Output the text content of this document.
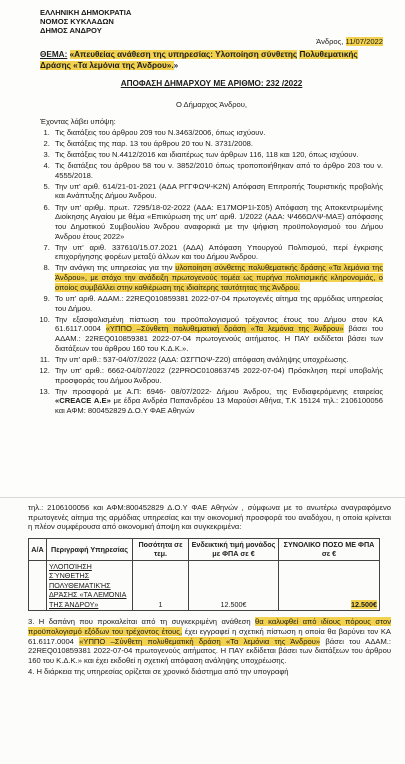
ΕΛΛΗΝΙΚΗ ΔΗΜΟΚΡΑΤΙΑ
ΝΟΜΟΣ ΚΥΚΛΑΔΩΝ
ΔΗΜΟΣ ΑΝΔΡΟΥ
Άνδρος, 11/07/2022
ΘΕΜΑ: «Απευθείας ανάθεση της υπηρεσίας: Υλοποίηση σύνθετης Πολυθεματικής Δράσης «Τα λεμόνια της Άνδρου».»
ΑΠΟΦΑΣΗ ΔΗΜΑΡΧΟΥ ΜΕ ΑΡΙΘΜΟ: 232 /2022
Ο Δήμαρχος Άνδρου,
Έχοντας λάβει υπόψη:
1. Τις διατάξεις του άρθρου 209 του Ν.3463/2006, όπως ισχύουν.
2. Τις διατάξεις της παρ. 13 του άρθρου 20 του Ν. 3731/2008.
3. Τις διατάξεις του Ν.4412/2016 και ιδιαιτέρως των άρθρων 116, 118 και 120, όπως ισχύουν.
4. Τις διατάξεις του άρθρου 58 του ν. 3852/2010 όπως τροποποιήθηκαν από το άρθρο 203 του ν. 4555/2018.
5. Την υπ' αριθ. 614/21-01-2021 (ΑΔΑ ΡΓΓΦΩΨ-Κ2Ν) Απόφαση Επιτροπής Τουριστικής προβολής και Ανάπτυξης Δήμου Άνδρου.
6. Την υπ' αριθμ. πρωτ. 7295/18-02-2022 (ΑΔΑ: Ε17ΜΟΡ1Ι-Σ05) Απόφαση της Αποκεντρωμένης Διοίκησης Αιγαίου με θέμα «Επικύρωση της υπ' αριθ. 1/2022 (ΑΔΑ: Ψ466ΩΛΨ-ΜΑΞ) απόφασης του Δημοτικού Συμβουλίου Άνδρου αναφορικά με την ψήφιση προϋπολογισμού του Δήμου Άνδρου έτους 2022»
7. Την υπ' αριθ. 337610/15.07.2021 (ΑΔΑ) Απόφαση Υπουργού Πολιτισμού, περί έγκρισης επιχορήγησης φορέων μεταξύ άλλων και του Δήμου Άνδρου.
8. Την ανάγκη της υπηρεσίας για την υλοποίηση σύνθετης πολυθεματικής δράσης «Τα λεμόνια της Άνδρου», με στόχο την ανάδειξη πρωτογενούς τομέα ως πυρήνα πολιτισμικής κληρονομιάς, ο οποίος συμβάλλει στην καθιέρωση της ιδιαίτερης ταυτότητας της Άνδρου.
9. Το υπ' αριθ. ΑΔΑΜ.: 22REQ010859381 2022-07-04 πρωτογενές αίτημα της αρμόδιας υπηρεσίας του Δήμου.
10. Την εξασφαλισμένη πίστωση του προϋπολογισμού τρέχοντος έτους του Δήμου στον ΚΑ 61.6117.0004 «ΥΠΠΟ –Σύνθετη πολυθεματική δράση «Τα λεμόνια της Άνδρου» βάσει του ΑΔΑΜ.: 22REQ010859381 2022-07-04 πρωτογενούς αιτήματος. Η ΠΑΥ εκδίδεται βάσει των διατάξεων του άρθρου 160 του Κ.Δ.Κ.».
11. Την υπ' αριθ.: 537-04/07/2022 (ΑΔΑ: ΩΣΓΠΩΨ-Ζ20) απόφαση ανάληψης υποχρέωσης.
12. Την υπ' αριθ.: 6662-04/07/2022 (22PROC010863745 2022-07-04) Πρόσκληση περί υποβολής προσφοράς του Δήμου Άνδρου.
13. Την προσφορά με Α.Π: 6946- 08/07/2022- Δήμου Άνδρου, της Ενδιαφερόμενης εταιρείας «CREACE Α.Ε» με έδρα Ανδρέα Παπανδρέου 13 Μαρούσι Αθήνα, Τ.Κ 15124 τηλ.: 2106100056 και ΑΦΜ: 800452829 Δ.Ο.Υ ΦΑΕ Αθηνών
τηλ.: 2106100056 και ΑΦΜ:800452829 Δ.Ο.Υ ΦΑΕ Αθηνών , σύμφωνα με το ανωτέρω αναγραφόμενο πρωτογενές αίτημα της αρμόδιας υπηρεσίας και την οικονομική προσφορά του αναδόχου, η οποία κρίνεται η πλέον συμφέρουσα από οικονομική άποψη και συγκεκριμένα:
Α/Α	Περιγραφή Υπηρεσίας	Ποσότητα σε τεμ.	Ενδεικτική τιμή μονάδος με ΦΠΑ σε €	ΣΥΝΟΛΙΚΟ ΠΟΣΟ ΜΕ ΦΠΑ σε €
	ΥΛΟΠΟΊΗΣΗ ΣΎΝΘΕΤΗΣ ΠΟΛΥΘΕΜΑΤΙΚΉΣ ΔΡΆΣΗΣ «ΤΑ ΛΕΜΌΝΙΑ ΤΗΣ ΆΝΔΡΟΥ»	1	12.500€	12.500€
3. Η δαπάνη που προκαλείται από τη συγκεκριμένη ανάθεση θα καλυφθεί από ιδίους πόρους στον προϋπολογισμό εξόδων του τρέχοντος έτους, έχει εγγραφεί η σχετική πίστωση η οποία θα βαρύνει τον ΚΑ 61.6117.0004 «ΥΠΠΟ –Σύνθετη πολυθεματική δράση «Τα λεμόνια της Άνδρου» βάσει του ΑΔΑΜ.: 22REQ010859381 2022-07-04 πρωτογενούς αιτήματος. Η ΠΑΥ εκδίδεται βάσει των διατάξεων του άρθρου 160 του Κ.Δ.Κ.» και έχει εκδοθεί η σχετική απόφαση ανάληψης υποχρέωσης.
4. Η διάρκεια της υπηρεσίας ορίζεται σε χρονικό διάστημα από την υπογραφή
